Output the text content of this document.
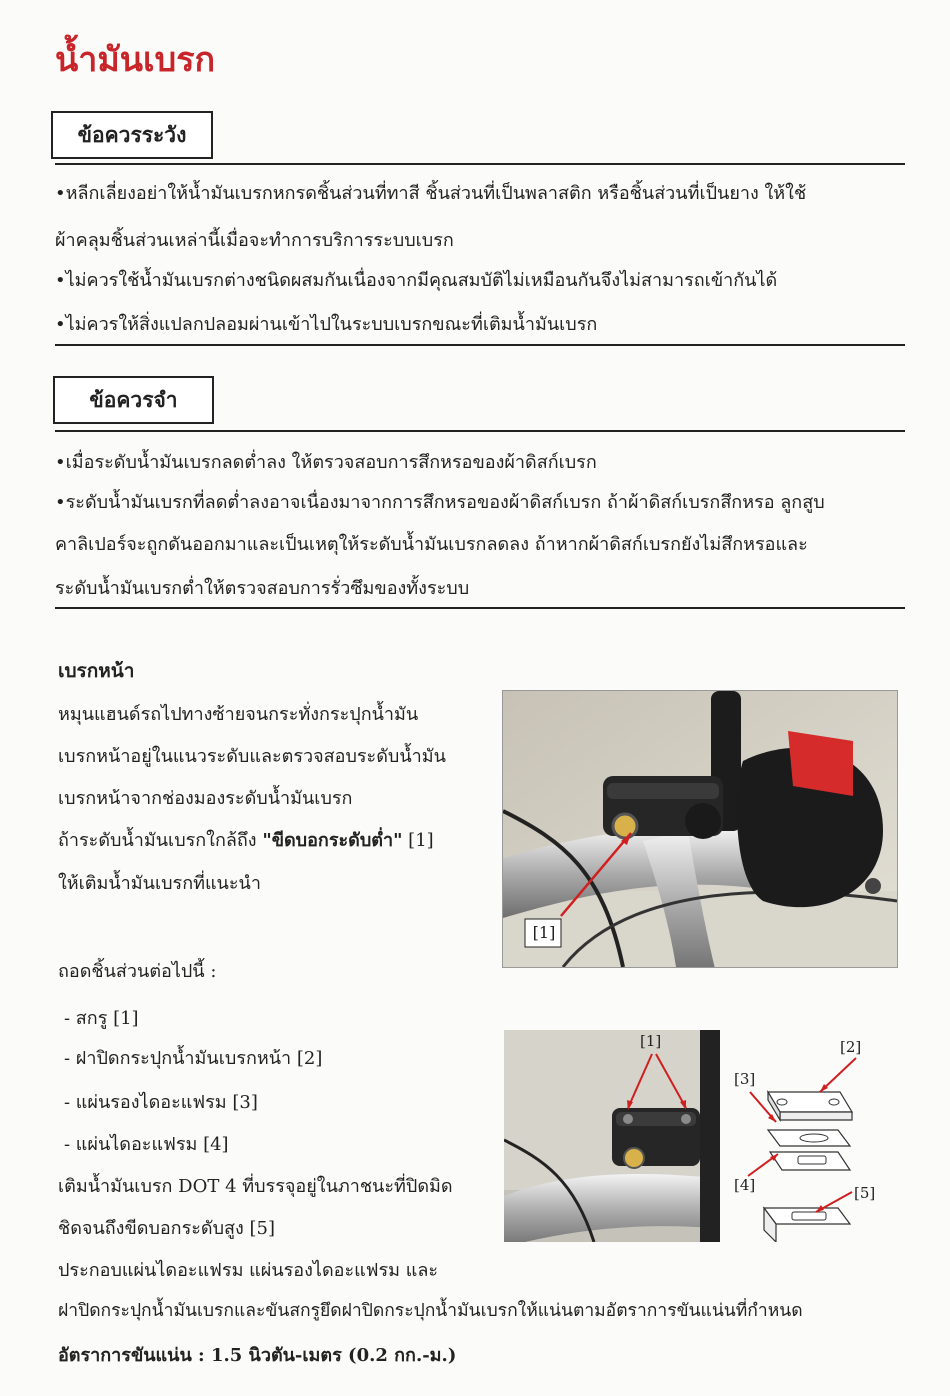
น้ำมันเบรก
ข้อควรระวัง
•หลีกเลี่ยงอย่าให้น้ำมันเบรกหกรดชิ้นส่วนที่ทาสี ชิ้นส่วนที่เป็นพลาสติก หรือชิ้นส่วนที่เป็นยาง ให้ใช้
ผ้าคลุมชิ้นส่วนเหล่านี้เมื่อจะทำการบริการระบบเบรก
•ไม่ควรใช้น้ำมันเบรกต่างชนิดผสมกันเนื่องจากมีคุณสมบัติไม่เหมือนกันจึงไม่สามารถเข้ากันได้
•ไม่ควรให้สิ่งแปลกปลอมผ่านเข้าไปในระบบเบรกขณะที่เติมน้ำมันเบรก
ข้อควรจำ
•เมื่อระดับน้ำมันเบรกลดต่ำลง ให้ตรวจสอบการสึกหรอของผ้าดิสก์เบรก
•ระดับน้ำมันเบรกที่ลดต่ำลงอาจเนื่องมาจากการสึกหรอของผ้าดิสก์เบรก ถ้าผ้าดิสก์เบรกสึกหรอ ลูกสูบ
คาลิเปอร์จะถูกดันออกมาและเป็นเหตุให้ระดับน้ำมันเบรกลดลง ถ้าหากผ้าดิสก์เบรกยังไม่สึกหรอและ
ระดับน้ำมันเบรกต่ำให้ตรวจสอบการรั่วซึมของทั้งระบบ
เบรกหน้า
หมุนแฮนด์รถไปทางซ้ายจนกระทั่งกระปุกน้ำมัน
เบรกหน้าอยู่ในแนวระดับและตรวจสอบระดับน้ำมัน
เบรกหน้าจากช่องมองระดับน้ำมันเบรก
ถ้าระดับน้ำมันเบรกใกล้ถึง "ขีดบอกระดับต่ำ" [1]
ให้เติมน้ำมันเบรกที่แนะนำ
[1]
ถอดชิ้นส่วนต่อไปนี้ :
- สกรู [1]
- ฝาปิดกระปุกน้ำมันเบรกหน้า [2]
- แผ่นรองไดอะแฟรม [3]
- แผ่นไดอะแฟรม [4]
เติมน้ำมันเบรก DOT 4 ที่บรรจุอยู่ในภาชนะที่ปิดมิด
ชิดจนถึงขีดบอกระดับสูง [5]
ประกอบแผ่นไดอะแฟรม แผ่นรองไดอะแฟรม และ
ฝาปิดกระปุกน้ำมันเบรกและขันสกรูยึดฝาปิดกระปุกน้ำมันเบรกให้แน่นตามอัตราการขันแน่นที่กำหนด
อัตราการขันแน่น : 1.5 นิวตัน-เมตร (0.2 กก.-ม.)
[2]
[3]
[4]	[5]
[1]
